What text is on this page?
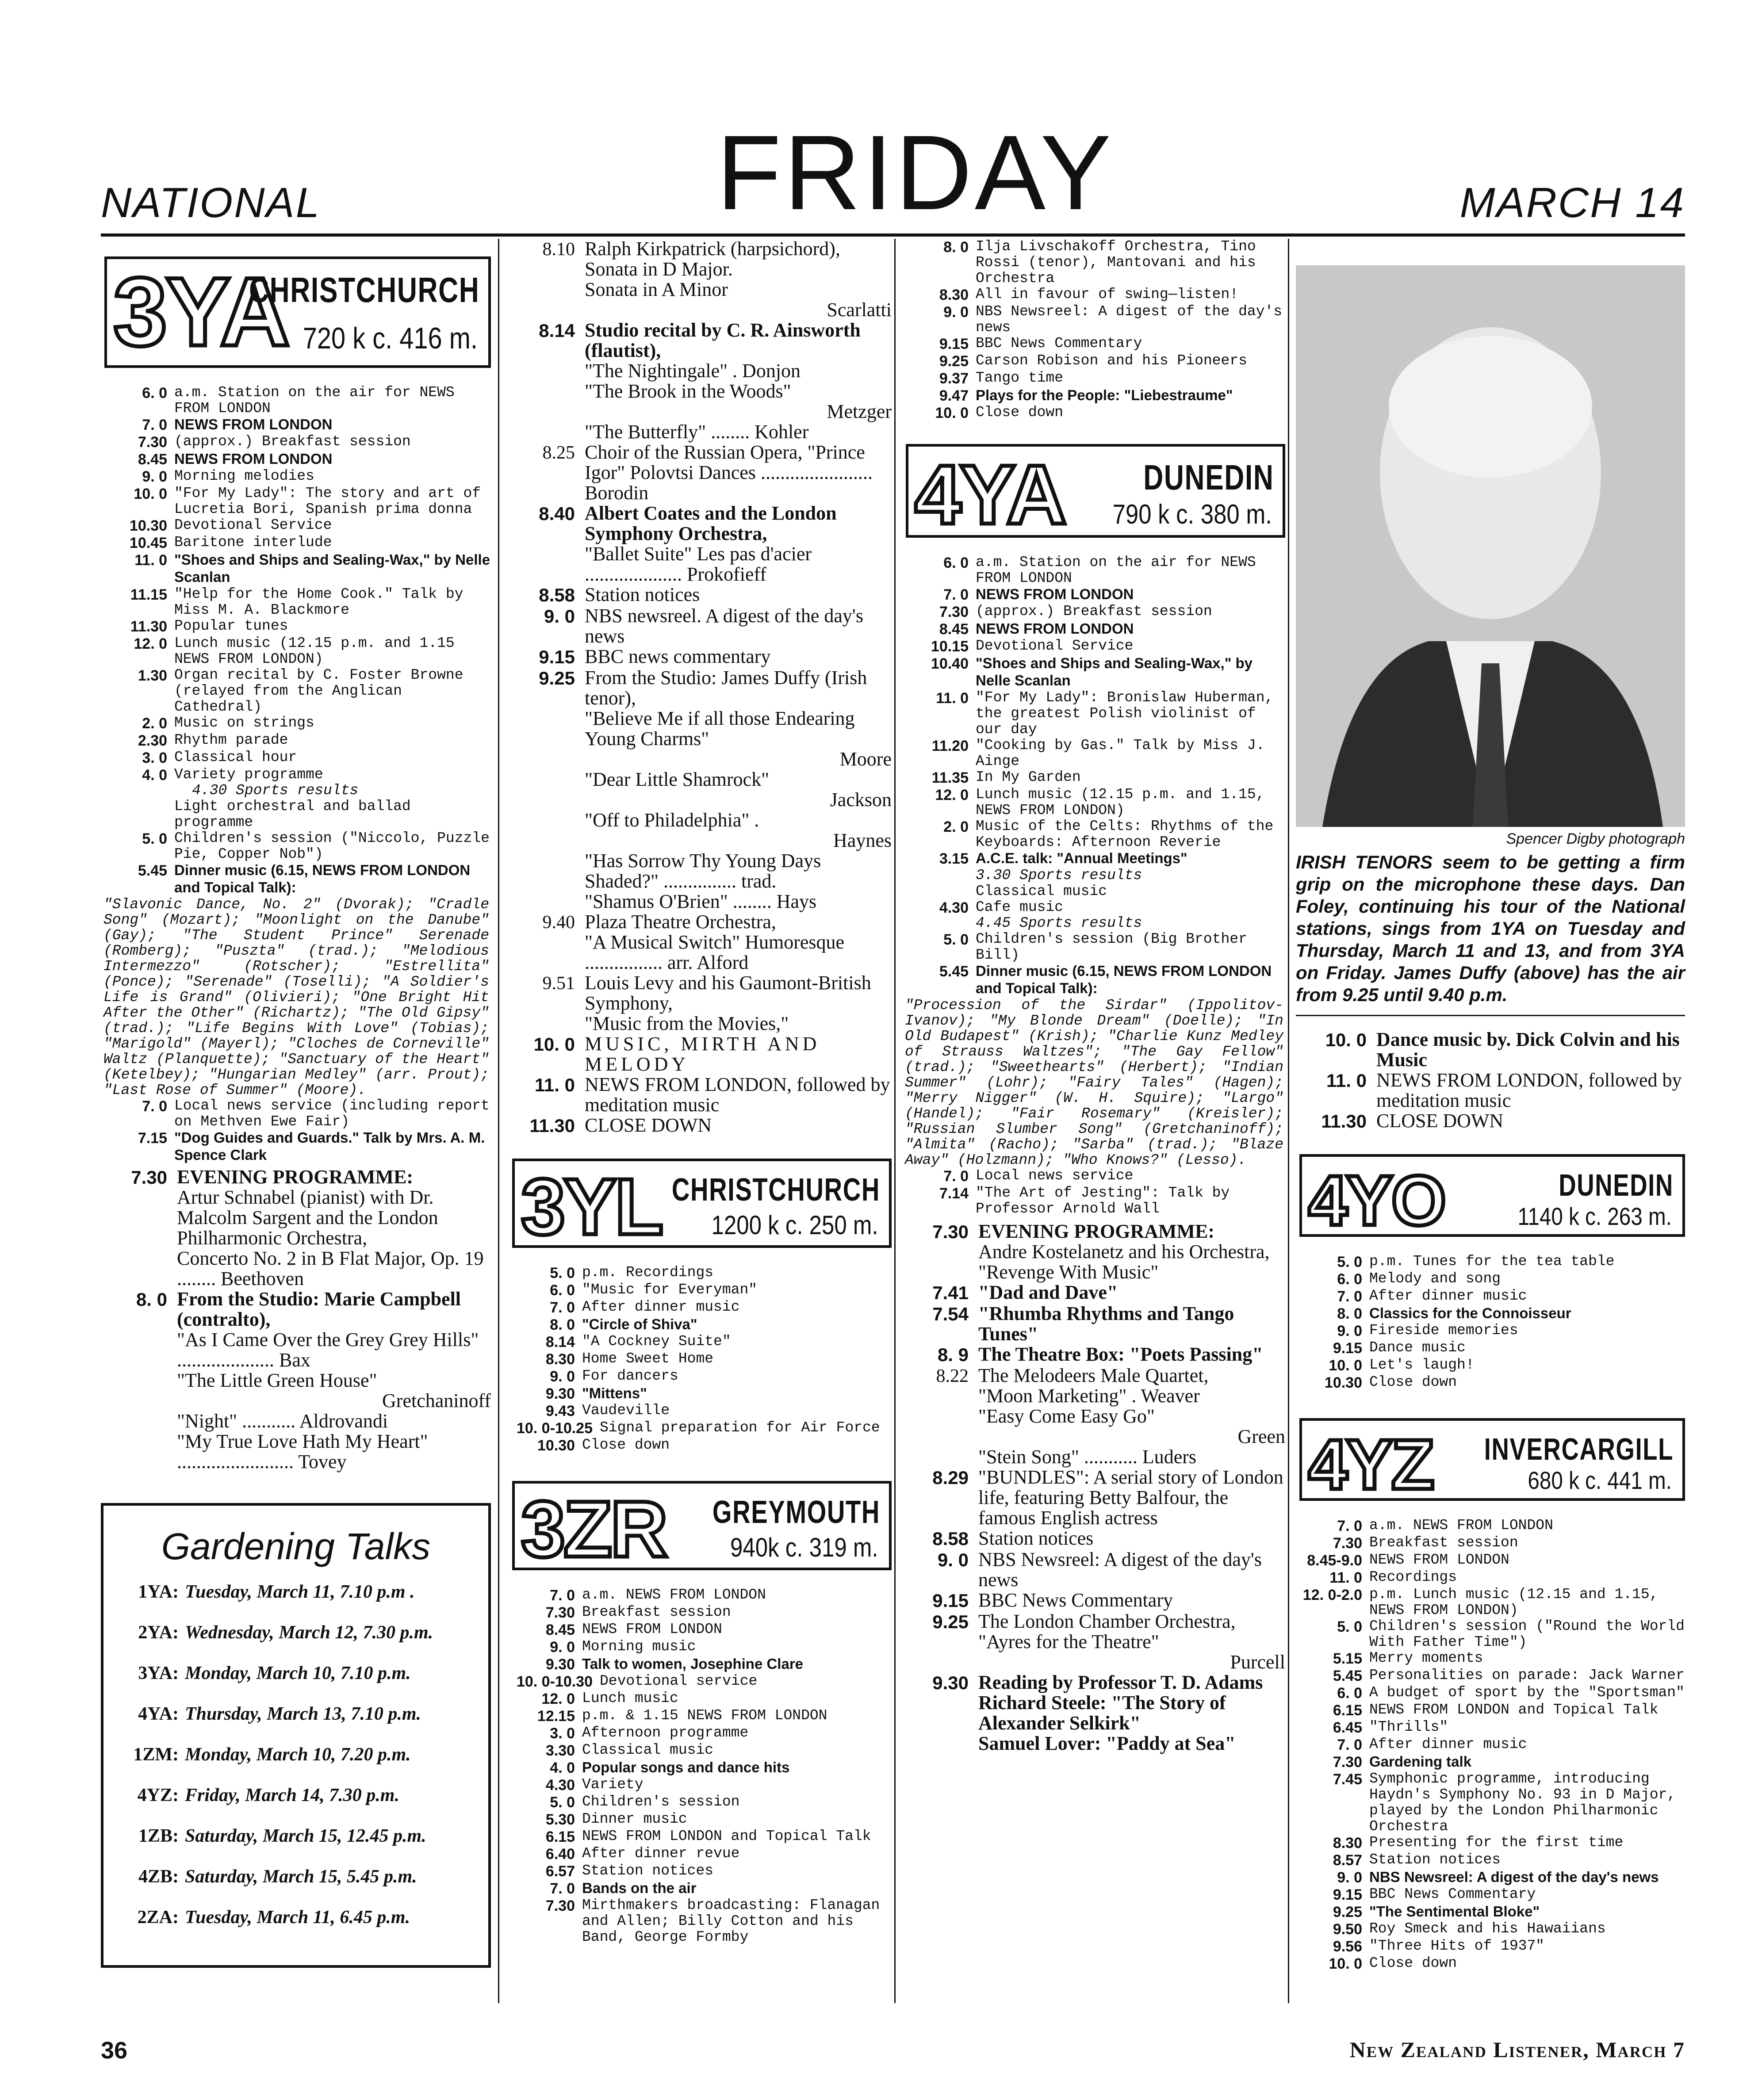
NATIONAL	FRIDAY	MARCH 14
3YA
CHRISTCHURCH
720 k c. 416 m.
6. 0 a.m. Station on the air for NEWS FROM LONDON
7. 0 NEWS FROM LONDON
7.30 (approx.) Breakfast session
8.45 NEWS FROM LONDON
9. 0 Morning melodies
10. 0 "For My Lady": The story and art of Lucretia Bori, Spanish prima donna
10.30 Devotional Service
10.45 Baritone interlude
11. 0 "Shoes and Ships and Sealing-Wax," by Nelle Scanlan
11.15 "Help for the Home Cook." Talk by Miss M. A. Blackmore
11.30 Popular tunes
12. 0 Lunch music (12.15 p.m. and 1.15 NEWS FROM LONDON)
1.30 Organ recital by C. Foster Browne (relayed from the Anglican Cathedral)
2. 0 Music on strings
2.30 Rhythm parade
3. 0 Classical hour
4. 0 Variety programme
4.30 Sports results
Light orchestral and ballad programme
5. 0 Children's session ("Niccolo, Puzzle Pie, Copper Nob")
5.45 Dinner music (6.15, NEWS FROM LONDON and Topical Talk):
"Slavonic Dance, No. 2" (Dvorak); "Cradle Song" (Mozart); "Moonlight on the Danube" (Gay); "The Student Prince" Serenade (Romberg); "Puszta" (trad.); "Melodious Intermezzo" (Rotscher); "Estrellita" (Ponce); "Serenade" (Toselli); "A Soldier's Life is Grand" (Olivieri); "One Bright Hit After the Other" (Richartz); "The Old Gipsy" (trad.); "Life Begins With Love" (Tobias); "Marigold" (Mayerl); "Cloches de Corneville" Waltz (Planquette); "Sanctuary of the Heart" (Ketelbey); "Hungarian Medley" (arr. Prout); "Last Rose of Summer" (Moore).
7. 0 Local news service (including report on Methven Ewe Fair)
7.15 "Dog Guides and Guards." Talk by Mrs. A. M. Spence Clark
7.30 EVENING PROGRAMME:
Artur Schnabel (pianist) with Dr. Malcolm Sargent and the London Philharmonic Orchestra,
Concerto No. 2 in B Flat Major, Op. 19 ........ Beethoven
8. 0 From the Studio: Marie Campbell (contralto),
"As I Came Over the Grey Grey Hills" .................... Bax
"The Little Green House"
Gretchaninoff
"Night" ........... Aldrovandi
"My True Love Hath My Heart" ........................ Tovey
Gardening Talks
1YA: Tuesday, March 11, 7.10 p.m .
2YA: Wednesday, March 12, 7.30 p.m.
3YA: Monday, March 10, 7.10 p.m.
4YA: Thursday, March 13, 7.10 p.m.
1ZM: Monday, March 10, 7.20 p.m.
4YZ: Friday, March 14, 7.30 p.m.
1ZB: Saturday, March 15, 12.45 p.m.
4ZB: Saturday, March 15, 5.45 p.m.
2ZA: Tuesday, March 11, 6.45 p.m.
8.10 Ralph Kirkpatrick (harpsichord),
Sonata in D Major.
Sonata in A Minor
Scarlatti
8.14 Studio recital by C. R. Ainsworth (flautist),
"The Nightingale" . Donjon
"The Brook in the Woods"
Metzger
"The Butterfly" ........ Kohler
8.25 Choir of the Russian Opera, "Prince Igor" Polovtsi Dances ....................... Borodin
8.40 Albert Coates and the London Symphony Orchestra,
"Ballet Suite" Les pas d'acier .................... Prokofieff
8.58 Station notices
9. 0 NBS newsreel. A digest of the day's news
9.15 BBC news commentary
9.25 From the Studio: James Duffy (Irish tenor),
"Believe Me if all those Endearing Young Charms"
Moore
"Dear Little Shamrock"
Jackson
"Off to Philadelphia" .
Haynes
"Has Sorrow Thy Young Days Shaded?" ............... trad.
"Shamus O'Brien" ........ Hays
9.40 Plaza Theatre Orchestra,
"A Musical Switch" Humoresque ................ arr. Alford
9.51 Louis Levy and his Gaumont-British Symphony,
"Music from the Movies,"
10. 0 MUSIC, MIRTH AND MELODY
11. 0 NEWS FROM LONDON, followed by meditation music
11.30 CLOSE DOWN
3YL CHRISTCHURCH
1200 k c. 250 m.
5. 0 p.m. Recordings
6. 0 "Music for Everyman"
7. 0 After dinner music
8. 0 "Circle of Shiva"
8.14 "A Cockney Suite"
8.30 Home Sweet Home
9. 0 For dancers
9.30 "Mittens"
9.43 Vaudeville
10. 0-10.25 Signal preparation for Air Force
10.30 Close down
3ZR GREYMOUTH
940k c. 319 m.
7. 0 a.m. NEWS FROM LONDON
7.30 Breakfast session
8.45 NEWS FROM LONDON
9. 0 Morning music
9.30 Talk to women, Josephine Clare
10. 0-10.30 Devotional service
12. 0 Lunch music
12.15 p.m. & 1.15 NEWS FROM LONDON
3. 0 Afternoon programme
3.30 Classical music
4. 0 Popular songs and dance hits
4.30 Variety
5. 0 Children's session
5.30 Dinner music
6.15 NEWS FROM LONDON and Topical Talk
6.40 After dinner revue
6.57 Station notices
7. 0 Bands on the air
7.30 Mirthmakers broadcasting: Flanagan and Allen; Billy Cotton and his Band, George Formby
8. 0 Ilja Livschakoff Orchestra, Tino Rossi (tenor), Mantovani and his Orchestra
8.30 All in favour of swing—listen!
9. 0 NBS Newsreel: A digest of the day's news
9.15 BBC News Commentary
9.25 Carson Robison and his Pioneers
9.37 Tango time
9.47 Plays for the People: "Liebestraume"
10. 0 Close down
4YA DUNEDIN
790 k c. 380 m.
6. 0 a.m. Station on the air for NEWS FROM LONDON
7. 0 NEWS FROM LONDON
7.30 (approx.) Breakfast session
8.45 NEWS FROM LONDON
10.15 Devotional Service
10.40 "Shoes and Ships and Sealing-Wax," by Nelle Scanlan
11. 0 "For My Lady": Bronislaw Huberman, the greatest Polish violinist of our day
11.20 "Cooking by Gas." Talk by Miss J. Ainge
11.35 In My Garden
12. 0 Lunch music (12.15 p.m. and 1.15, NEWS FROM LONDON)
2. 0 Music of the Celts: Rhythms of the Keyboards: Afternoon Reverie
3.15 A.C.E. talk: "Annual Meetings"
3.30 Sports results
Classical music
4.30 Cafe music
4.45 Sports results
5. 0 Children's session (Big Brother Bill)
5.45 Dinner music (6.15, NEWS FROM LONDON and Topical Talk):
"Procession of the Sirdar" (Ippolitov-Ivanov); "My Blonde Dream" (Doelle); "In Old Budapest" (Krish); "Charlie Kunz Medley of Strauss Waltzes"; "The Gay Fellow" (trad.); "Sweethearts" (Herbert); "Indian Summer" (Lohr); "Fairy Tales" (Hagen); "Merry Nigger" (W. H. Squire); "Largo" (Handel); "Fair Rosemary" (Kreisler); "Russian Slumber Song" (Gretchaninoff); "Almita" (Racho); "Sarba" (trad.); "Blaze Away" (Holzmann); "Who Knows?" (Lesso).
7. 0 Local news service
7.14 "The Art of Jesting": Talk by Professor Arnold Wall
7.30 EVENING PROGRAMME:
Andre Kostelanetz and his Orchestra,
"Revenge With Music"
7.41 "Dad and Dave"
7.54 "Rhumba Rhythms and Tango Tunes"
8. 9 The Theatre Box: "Poets Passing"
8.22 The Melodeers Male Quartet,
"Moon Marketing" . Weaver
"Easy Come Easy Go"
Green
"Stein Song" ........... Luders
8.29 "BUNDLES": A serial story of London life, featuring Betty Balfour, the famous English actress
8.58 Station notices
9. 0 NBS Newsreel: A digest of the day's news
9.15 BBC News Commentary
9.25 The London Chamber Orchestra,
"Ayres for the Theatre"
Purcell
9.30 Reading by Professor T. D. Adams
Richard Steele: "The Story of Alexander Selkirk"
Samuel Lover: "Paddy at Sea"
Spencer Digby photograph
IRISH TENORS seem to be getting a firm grip on the microphone these days. Dan Foley, continuing his tour of the National stations, sings from 1YA on Tuesday and Thursday, March 11 and 13, and from 3YA on Friday. James Duffy (above) has the air from 9.25 until 9.40 p.m.
10. 0 Dance music by. Dick Colvin and his Music
11. 0 NEWS FROM LONDON, followed by meditation music
11.30 CLOSE DOWN
4YO	DUNEDIN
1140 k c. 263 m.
5. 0 p.m. Tunes for the tea table
6. 0 Melody and song
7. 0 After dinner music
8. 0 Classics for the Connoisseur
9. 0 Fireside memories
9.15 Dance music
10. 0 Let's laugh!
10.30 Close down
4YZ INVERCARGILL
680 k c. 441 m.
7. 0 a.m. NEWS FROM LONDON
7.30 Breakfast session
8.45-9.0 NEWS FROM LONDON
11. 0 Recordings
12. 0-2.0 p.m. Lunch music (12.15 and 1.15, NEWS FROM LONDON)
5. 0 Children's session ("Round the World With Father Time")
5.15 Merry moments
5.45 Personalities on parade: Jack Warner
6. 0 A budget of sport by the "Sportsman"
6.15 NEWS FROM LONDON and Topical Talk
6.45 "Thrills"
7. 0 After dinner music
7.30 Gardening talk
7.45 Symphonic programme, introducing Haydn's Symphony No. 93 in D Major, played by the London Philharmonic Orchestra
8.30 Presenting for the first time
8.57 Station notices
9. 0 NBS Newsreel: A digest of the day's news
9.15 BBC News Commentary
9.25 "The Sentimental Bloke"
9.50 Roy Smeck and his Hawaiians
9.56 "Three Hits of 1937"
10. 0 Close down
36	New Zealand Listener, March 7
